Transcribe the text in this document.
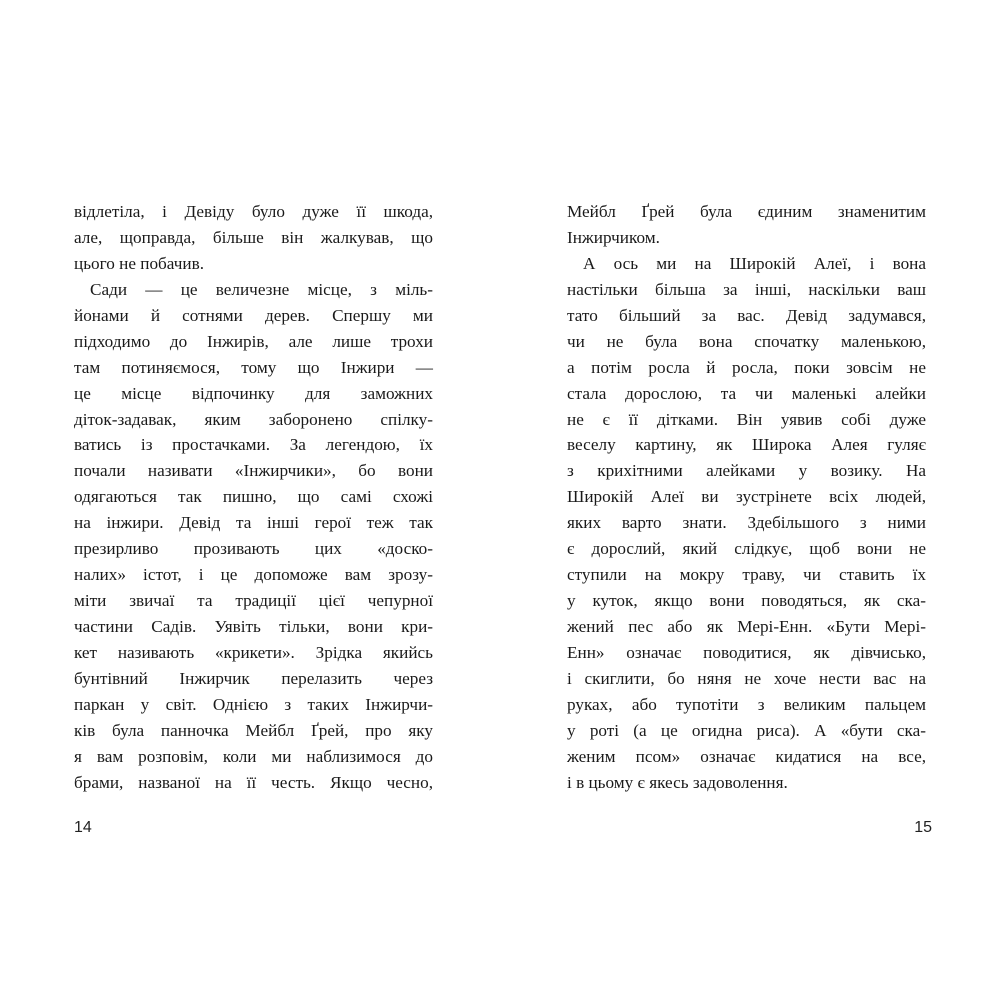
відлетіла, і Девіду було дуже її шкода,
але, щоправда, більше він жалкував, що
цього не побачив.
Сади — це величезне місце, з міль-
йонами й сотнями дерев. Спершу ми
підходимо до Інжирів, але лише трохи
там потиняємося, тому що Інжири —
це місце відпочинку для заможних
діток-задавак, яким заборонено спілку-
ватись із простачками. За легендою, їх
почали називати «Інжирчики», бо вони
одягаються так пишно, що самі схожі
на інжири. Девід та інші герої теж так
презирливо прозивають цих «доско-
налих» істот, і це допоможе вам зрозу-
міти звичаї та традиції цієї чепурної
частини Садів. Уявіть тільки, вони кри-
кет називають «крикети». Зрідка якийсь
бунтівний Інжирчик перелазить через
паркан у світ. Однією з таких Інжирчи-
ків була панночка Мейбл Ґрей, про яку
я вам розповім, коли ми наблизимося до
брами, названої на її честь. Якщо чесно,
14
Мейбл Ґрей була єдиним знаменитим
Інжирчиком.
А ось ми на Широкій Алеї, і вона
настільки більша за інші, наскільки ваш
тато більший за вас. Девід задумався,
чи не була вона спочатку маленькою,
а потім росла й росла, поки зовсім не
стала дорослою, та чи маленькі алейки
не є її дітками. Він уявив собі дуже
веселу картину, як Широка Алея гуляє
з крихітними алейками у возику. На
Широкій Алеї ви зустрінете всіх людей,
яких варто знати. Здебільшого з ними
є дорослий, який слідкує, щоб вони не
ступили на мокру траву, чи ставить їх
у куток, якщо вони поводяться, як ска-
жений пес або як Мері-Енн. «Бути Мері-
Енн» означає поводитися, як дівчисько,
і скиглити, бо няня не хоче нести вас на
руках, або тупотіти з великим пальцем
у роті (а це огидна риса). А «бути ска-
женим псом» означає кидатися на все,
і в цьому є якесь задоволення.
15
